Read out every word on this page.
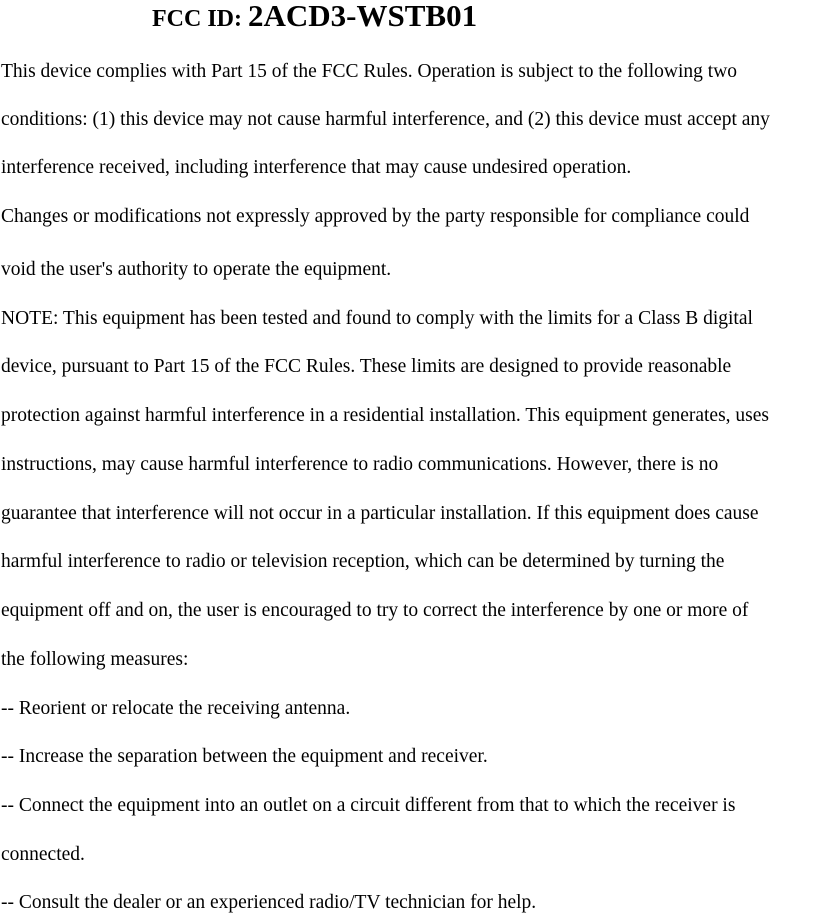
FCC ID: 2ACD3-WSTB01
This device complies with Part 15 of the FCC Rules. Operation is subject to the following two
conditions: (1) this device may not cause harmful interference, and (2) this device must accept any
interference received, including interference that may cause undesired operation.
Changes or modifications not expressly approved by the party responsible for compliance could
void the user's authority to operate the equipment.
NOTE: This equipment has been tested and found to comply with the limits for a Class B digital
device, pursuant to Part 15 of the FCC Rules. These limits are designed to provide reasonable
protection against harmful interference in a residential installation. This equipment generates, uses
instructions, may cause harmful interference to radio communications. However, there is no
guarantee that interference will not occur in a particular installation. If this equipment does cause
harmful interference to radio or television reception, which can be determined by turning the
equipment off and on, the user is encouraged to try to correct the interference by one or more of
the following measures:
-- Reorient or relocate the receiving antenna.
-- Increase the separation between the equipment and receiver.
-- Connect the equipment into an outlet on a circuit different from that to which the receiver is
connected.
-- Consult the dealer or an experienced radio/TV technician for help.
